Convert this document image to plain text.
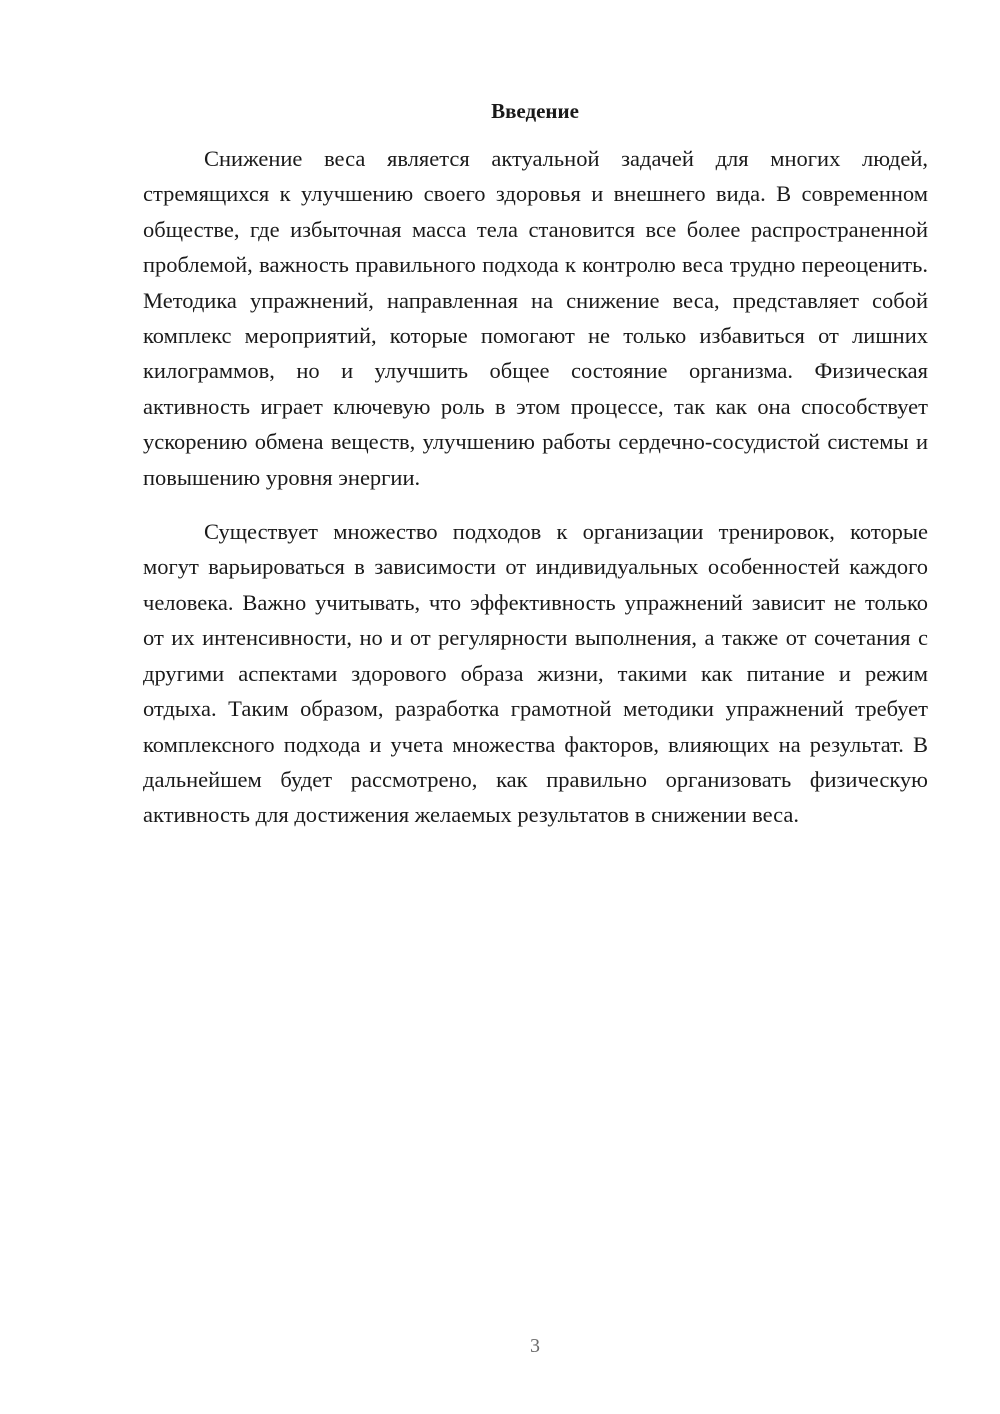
Введение

Снижение веса является актуальной задачей для многих людей, стремящихся к улучшению своего здоровья и внешнего вида. В современном обществе, где избыточная масса тела становится все более распространенной проблемой, важность правильного подхода к контролю веса трудно переоценить. Методика упражнений, направленная на снижение веса, представляет собой комплекс мероприятий, которые помогают не только избавиться от лишних килограммов, но и улучшить общее состояние организма. Физическая активность играет ключевую роль в этом процессе, так как она способствует ускорению обмена веществ, улучшению работы сердечно-сосудистой системы и повышению уровня энергии.

Существует множество подходов к организации тренировок, которые могут варьироваться в зависимости от индивидуальных особенностей каждого человека. Важно учитывать, что эффективность упражнений зависит не только от их интенсивности, но и от регулярности выполнения, а также от сочетания с другими аспектами здорового образа жизни, такими как питание и режим отдыха. Таким образом, разработка грамотной методики упражнений требует комплексного подхода и учета множества факторов, влияющих на результат. В дальнейшем будет рассмотрено, как правильно организовать физическую активность для достижения желаемых результатов в снижении веса.

3
